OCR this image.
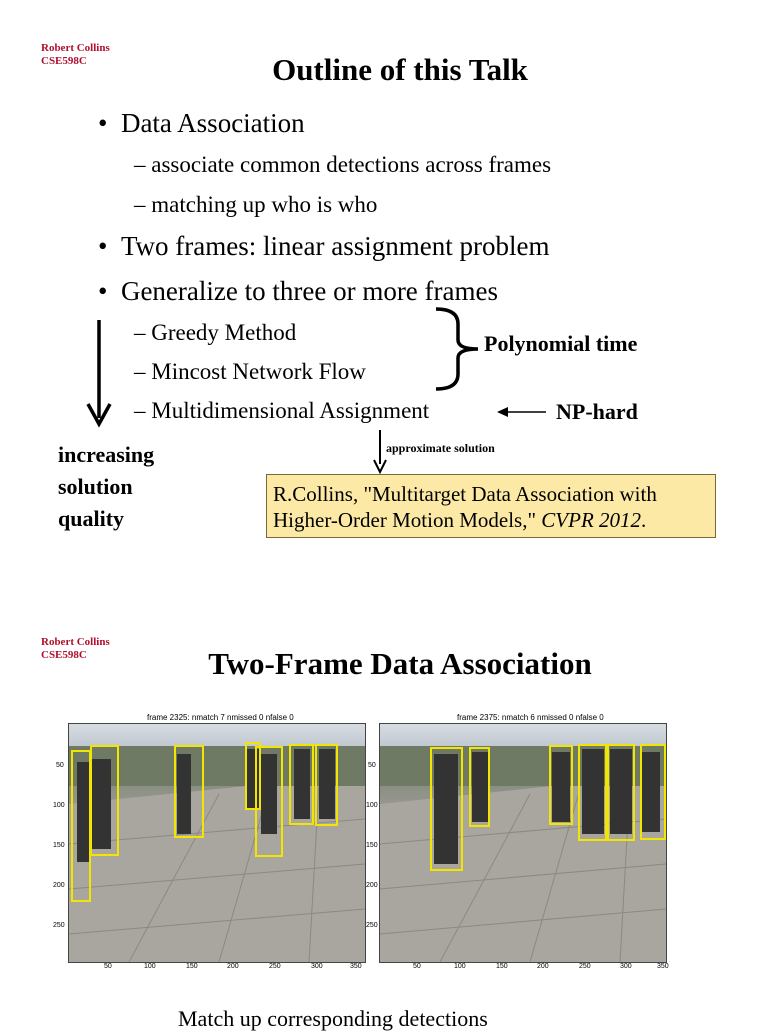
Robert Collins
CSE598C	Outline of this Talk
•  Data Association
– associate common detections across frames
– matching up who is who
•  Two frames: linear assignment problem
•  Generalize to three or more frames
– Greedy Method
– Mincost Network Flow
– Multidimensional Assignment
Polynomial time
NP-hard
approximate solution
increasing
solution
quality
R.Collins, "Multitarget Data Association with Higher-Order Motion Models," CVPR 2012.
Robert Collins
CSE598C	Two-Frame Data Association
frame 2325: nmatch 7 nmissed 0 nfalse 0	frame 2375: nmatch 6 nmissed 0 nfalse 0
50
100
150
200
250
50
100
150
200
250
50	100	150	200	250	300	350	50	100	150	200	250	300	350
Match up corresponding detections
